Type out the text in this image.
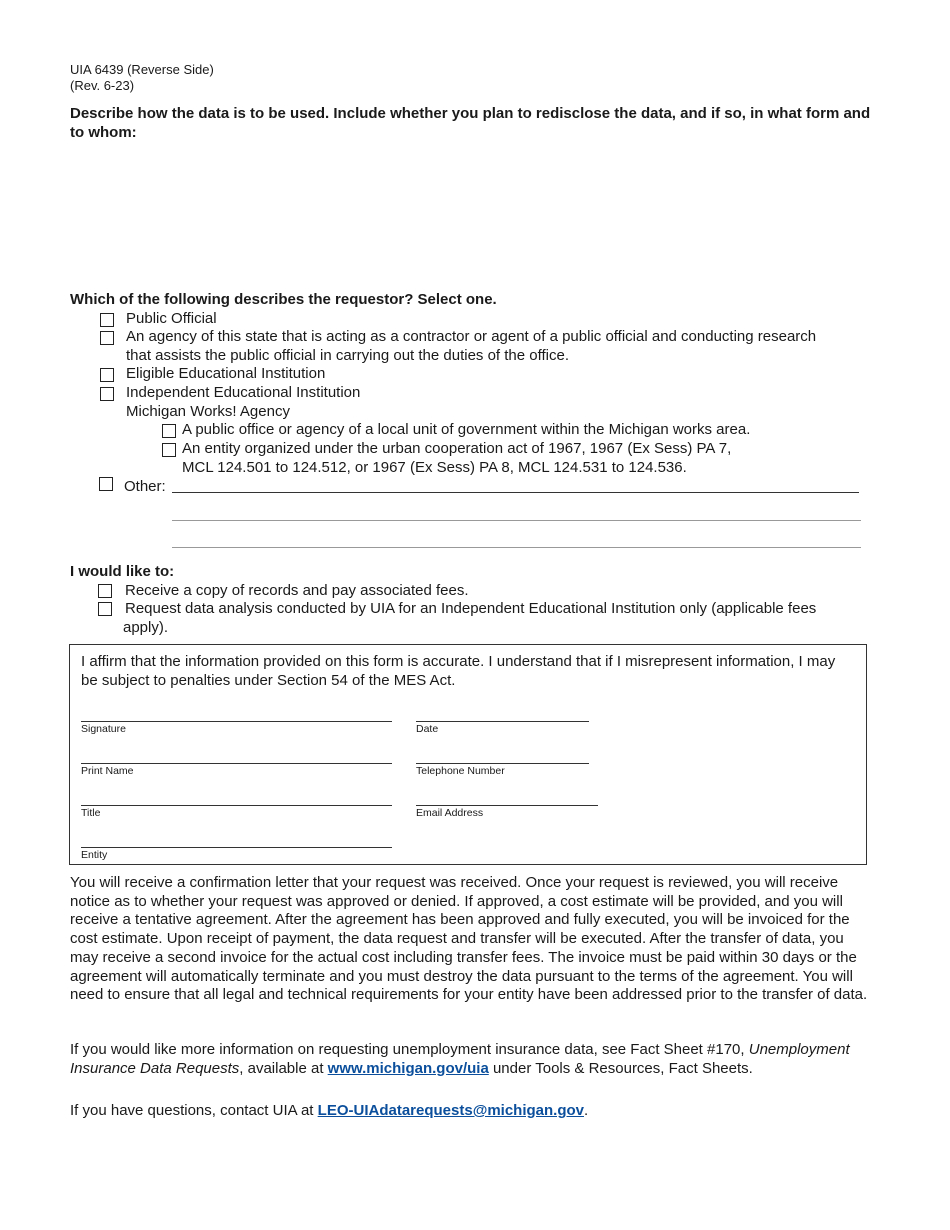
UIA 6439 (Reverse Side)
(Rev. 6-23)
Describe how the data is to be used. Include whether you plan to redisclose the data, and if so, in what form and to whom:
Which of the following describes the requestor? Select one.
Public Official
An agency of this state that is acting as a contractor or agent of a public official and conducting research
that assists the public official in carrying out the duties of the office.
Eligible Educational Institution
Independent Educational Institution
Michigan Works! Agency
A public office or agency of a local unit of government within the Michigan works area.
An entity organized under the urban cooperation act of 1967, 1967 (Ex Sess) PA 7,
MCL 124.501 to 124.512, or 1967 (Ex Sess) PA 8, MCL 124.531 to 124.536.
Other:
I would like to:
Receive a copy of records and pay associated fees.
Request data analysis conducted by UIA for an Independent Educational Institution only (applicable fees
apply).
I affirm that the information provided on this form is accurate. I understand that if I misrepresent information, I may be subject to penalties under Section 54 of the MES Act.
Signature	Date
Print Name	Telephone Number
Title	Email Address
Entity
You will receive a confirmation letter that your request was received. Once your request is reviewed, you will receive notice as to whether your request was approved or denied. If approved, a cost estimate will be provided, and you will receive a tentative agreement. After the agreement has been approved and fully executed, you will be invoiced for the cost estimate. Upon receipt of payment, the data request and transfer will be executed. After the transfer of data, you may receive a second invoice for the actual cost including transfer fees. The invoice must be paid within 30 days or the agreement will automatically terminate and you must destroy the data pursuant to the terms of the agreement. You will need to ensure that all legal and technical requirements for your entity have been addressed prior to the transfer of data.
If you would like more information on requesting unemployment insurance data, see Fact Sheet #170, Unemployment Insurance Data Requests, available at www.michigan.gov/uia under Tools & Resources, Fact Sheets.
If you have questions, contact UIA at LEO-UIAdatarequests@michigan.gov.
